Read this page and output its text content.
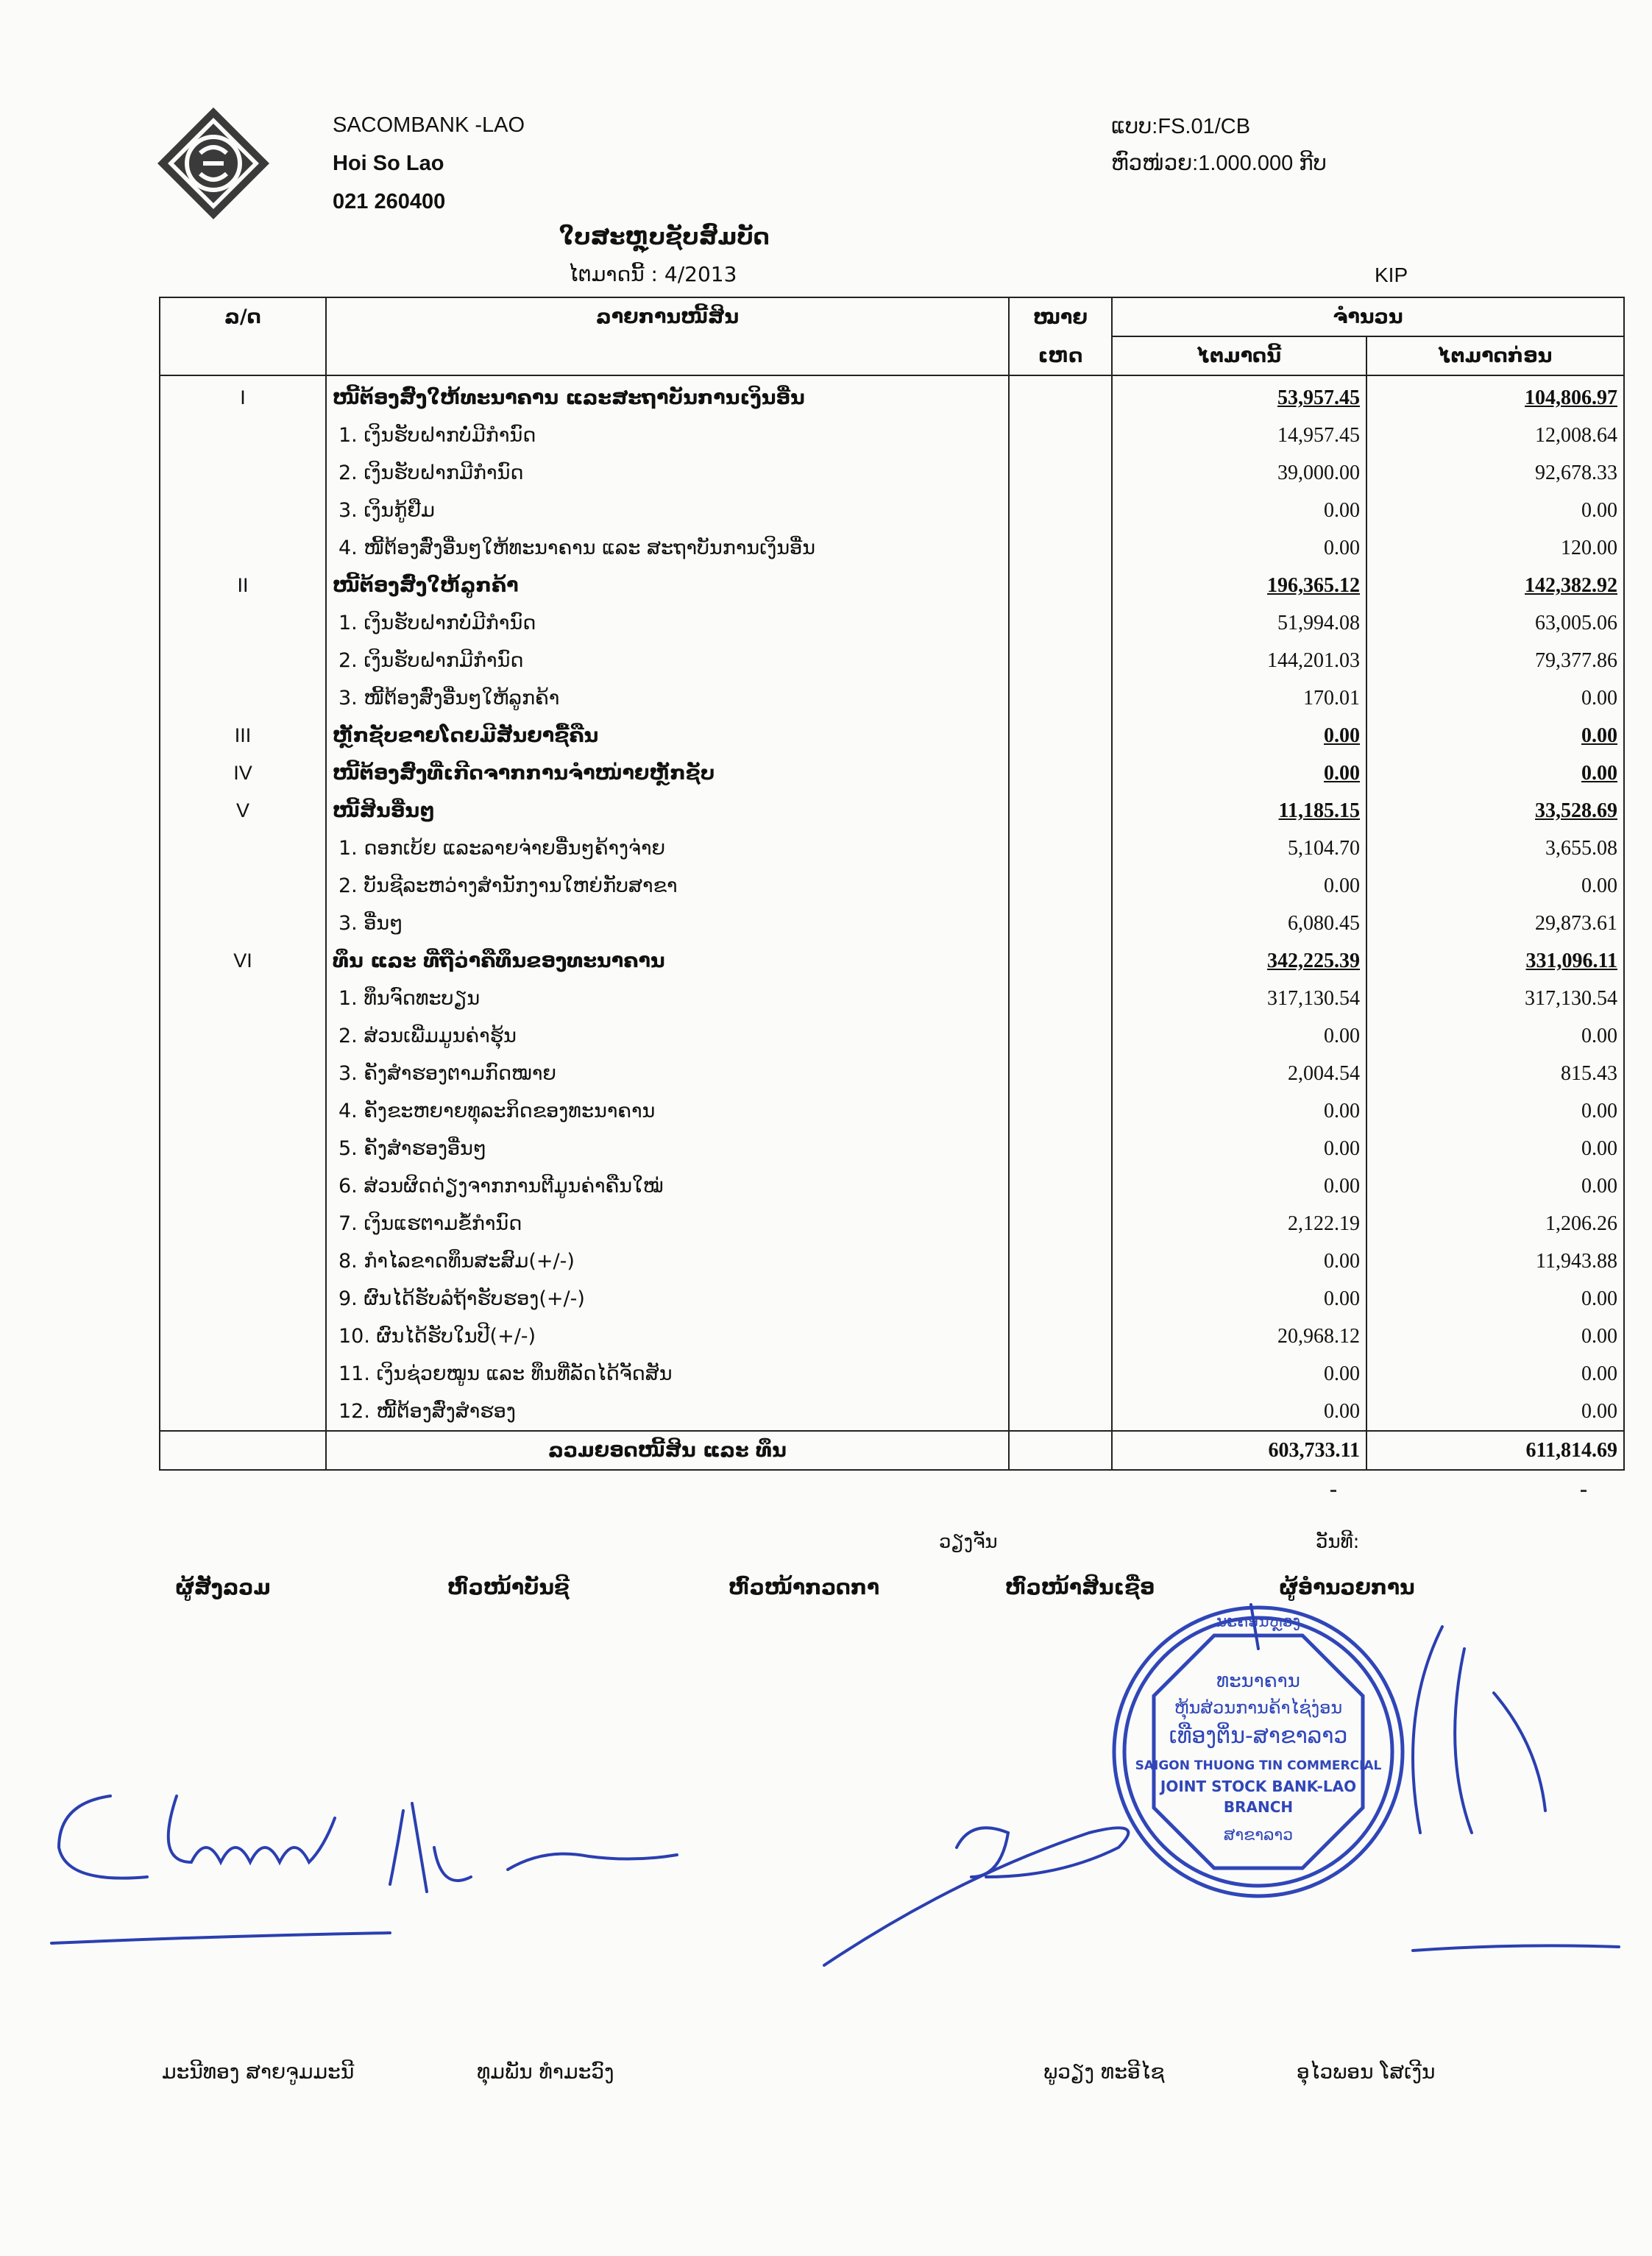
SACOMBANK -LAO
Hoi So Lao
021 260400
ແບບ:FS.01/CB
ຫົວໜ່ວຍ:1.000.000 ກີບ
ໃບສະຫຼຸບຊັບສົມບັດ
ໄຕມາດນີ້ : 4/2013	KIP
ລ/ດ	ລາຍການໜີ້ສິນ	ໝາຍ	ຈຳນວນ	
		ເຫດ	ໄຕມາດນີ້	ໄຕມາດກ່ອນ
I	ໜີ້ຕ້ອງສົ່ງໃຫ້ທະນາຄານ ແລະສະຖາບັນການເງິນອື່ນ		53,957.45	104,806.97
	1. ເງິນຮັບຝາກບໍ່ມີກຳນົດ		14,957.45	12,008.64
	2. ເງິນຮັບຝາກມີກຳນົດ		39,000.00	92,678.33
	3. ເງິນກູ້ຢືມ		0.00	0.00
	4. ໜີ້ຕ້ອງສົ່ງອື່ນໆໃຫ້ທະນາຄານ ແລະ ສະຖາບັນການເງິນອື່ນ		0.00	120.00
II	ໜີ້ຕ້ອງສົ່ງໃຫ້ລູກຄ້າ		196,365.12	142,382.92
	1. ເງິນຮັບຝາກບໍ່ມີກຳນົດ		51,994.08	63,005.06
	2. ເງິນຮັບຝາກມີກຳນົດ		144,201.03	79,377.86
	3. ໜີ້ຕ້ອງສົ່ງອື່ນໆໃຫ້ລູກຄ້າ		170.01	0.00
III	ຫຼັກຊັບຂາຍໂດຍມີສັນຍາຊື້ຄືນ		0.00	0.00
IV	ໜີ້ຕ້ອງສົ່ງທີ່ເກີດຈາກການຈຳໜ່າຍຫຼັກຊັບ		0.00	0.00
V	ໜີ້ສິນອື່ນໆ		11,185.15	33,528.69
	1. ດອກເບ້ຍ ແລະລາຍຈ່າຍອື່ນໆຄ້າງຈ່າຍ		5,104.70	3,655.08
	2. ບັນຊີລະຫວ່າງສຳນັກງານໃຫຍ່ກັບສາຂາ		0.00	0.00
	3. ອື່ນໆ		6,080.45	29,873.61
VI	ທຶນ ແລະ ທີ່ຖືວ່າຄືທຶນຂອງທະນາຄານ		342,225.39	331,096.11
	1. ທຶນຈົດທະບຽນ		317,130.54	317,130.54
	2. ສ່ວນເພີ່ມມູນຄ່າຮຸ້ນ		0.00	0.00
	3. ຄັງສຳຮອງຕາມກົດໝາຍ		2,004.54	815.43
	4. ຄັງຂະຫຍາຍທຸລະກິດຂອງທະນາຄານ		0.00	0.00
	5. ຄັງສຳຮອງອື່ນໆ		0.00	0.00
	6. ສ່ວນຜິດດ່ຽງຈາກການຕີມູນຄ່າຄືນໃໝ່		0.00	0.00
	7. ເງິນແຮຕາມຂໍ້ກຳນົດ		2,122.19	1,206.26
	8. ກຳໄລຂາດທຶນສະສົມ(+/-)		0.00	11,943.88
	9. ຜົນໄດ້ຮັບລໍຖ້າຮັບຮອງ(+/-)		0.00	0.00
	10. ຜົນໄດ້ຮັບໃນປີ(+/-)		20,968.12	0.00
	11. ເງິນຊ່ວຍໝູນ ແລະ ທຶນທີ່ລັດໄດ້ຈັດສັນ		0.00	0.00
	12. ໜີ້ຕ້ອງສົ່ງສຳຮອງ		0.00	0.00
	ລວມຍອດໜີ້ສິນ ແລະ ທຶນ		603,733.11	611,814.69
ວຽງຈັນ	ວັນທີ:
ຜູ້ສັງລວມ	ຫົວໜ້າບັນຊີ	ຫົວໜ້າກວດກາ	ຫົວໜ້າສິນເຊື່ອ	ຜູ້ອຳນວຍການ
ທະນາຄານ
ຫຸ້ນສ່ວນການຄ້າໄຊ່ງ່ອນ
ເທືອງຕິ່ນ-ສາຂາລາວ
SAIGON THUONG TIN COMMERCIAL
JOINT STOCK BANK-LAO
BRANCH
ສາຂາລາວ
ນະຄອນຫຼວງ
ມະນີທອງ ສາຍຈູມມະນີ	ທຸມພັນ ທຳມະວົງ	ພູວຽງ ທະອີໄຊ	ອຸໄວພອນ ໂສເງີນ
